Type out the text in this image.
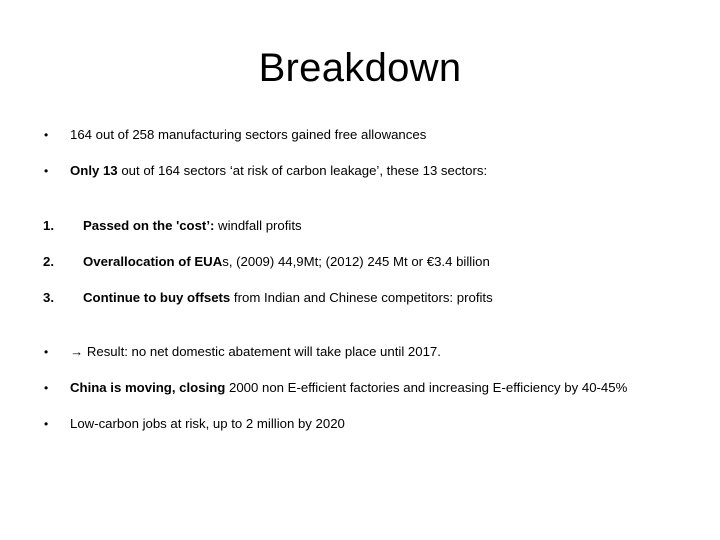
Breakdown
•	164 out of 258 manufacturing sectors gained free allowances
•	Only 13 out of 164 sectors ‘at risk of carbon leakage’, these 13 sectors:
1. Passed on the 'cost’: windfall profits
2. Overallocation of EUAs, (2009) 44,9Mt; (2012) 245 Mt or €3.4 billion
3. Continue to buy offsets from Indian and Chinese competitors: profits
•	→ Result: no net domestic abatement will take place until 2017.
•	China is moving, closing 2000 non E-efficient factories and increasing E-efficiency by 40-45%
•	Low-carbon jobs at risk, up to 2 million by 2020
